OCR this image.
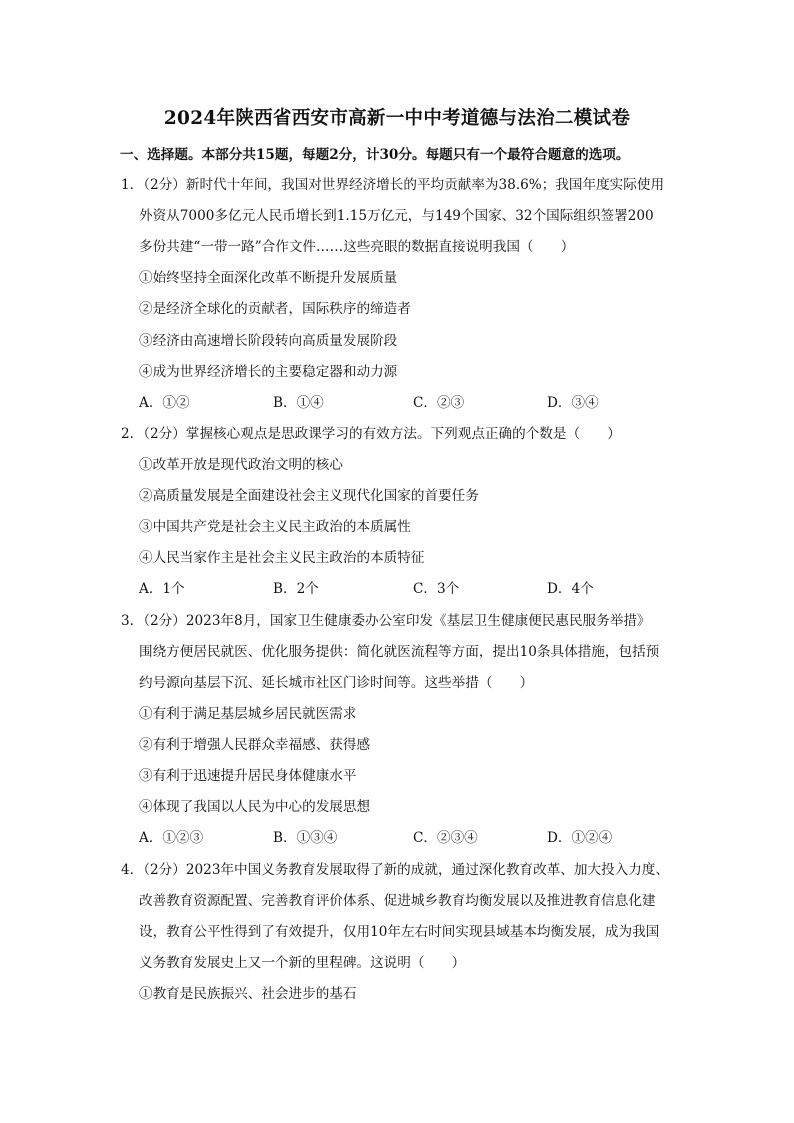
2024年陕西省西安市高新一中中考道德与法治二模试卷
一、选择题。本部分共15题，每题2分，计30分。每题只有一个最符合题意的选项。
1．（2分）新时代十年间，我国对世界经济增长的平均贡献率为38.6%；我国年度实际使用
外资从7000多亿元人民币增长到1.15万亿元，与149个国家、32个国际组织签署200
多份共建“一带一路”合作文件……这些亮眼的数据直接说明我国（　　）
①始终坚持全面深化改革不断提升发展质量
②是经济全球化的贡献者，国际秩序的缔造者
③经济由高速增长阶段转向高质量发展阶段
④成为世界经济增长的主要稳定器和动力源
A．①②	B．①④	C．②③	D．③④
2．（2分）掌握核心观点是思政课学习的有效方法。下列观点正确的个数是（　　）
①改革开放是现代政治文明的核心
②高质量发展是全面建设社会主义现代化国家的首要任务
③中国共产党是社会主义民主政治的本质属性
④人民当家作主是社会主义民主政治的本质特征
A．1个	B．2个	C．3个	D．4个
3．（2分）2023年8月，国家卫生健康委办公室印发《基层卫生健康便民惠民服务举措》
围绕方便居民就医、优化服务提供：简化就医流程等方面，提出10条具体措施，包括预
约号源向基层下沉、延长城市社区门诊时间等。这些举措（　　）
①有利于满足基层城乡居民就医需求
②有利于增强人民群众幸福感、获得感
③有利于迅速提升居民身体健康水平
④体现了我国以人民为中心的发展思想
A．①②③	B．①③④	C．②③④	D．①②④
4．（2分）2023年中国义务教育发展取得了新的成就，通过深化教育改革、加大投入力度、
改善教育资源配置、完善教育评价体系、促进城乡教育均衡发展以及推进教育信息化建
设，教育公平性得到了有效提升，仅用10年左右时间实现县域基本均衡发展，成为我国
义务教育发展史上又一个新的里程碑。这说明（　　）
①教育是民族振兴、社会进步的基石
